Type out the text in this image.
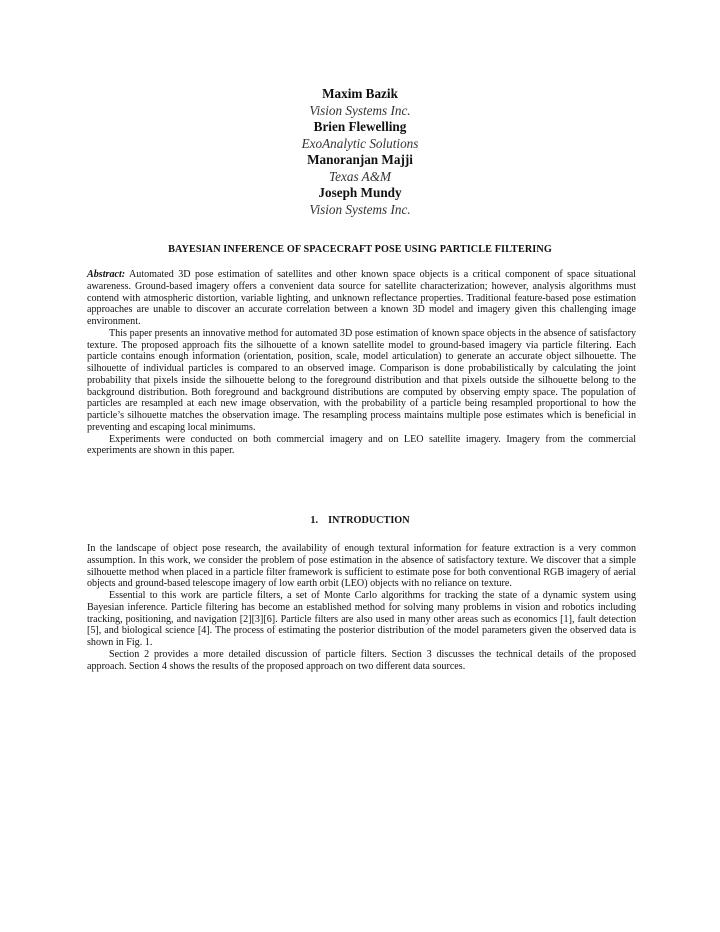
Maxim Bazik

Vision Systems Inc.

Brien Flewelling

ExoAnalytic Solutions

Manoranjan Majji

Texas A&M

Joseph Mundy

Vision Systems Inc.

BAYESIAN INFERENCE OF SPACECRAFT POSE USING PARTICLE FILTERING

Abstract: Automated 3D pose estimation of satellites and other known space objects is a critical component of space situational awareness. Ground-based imagery offers a convenient data source for satellite characterization; however, analysis algorithms must contend with atmospheric distortion, variable lighting, and unknown reflectance properties. Traditional feature-based pose estimation approaches are unable to discover an accurate correlation between a known 3D model and imagery given this challenging image environment.

This paper presents an innovative method for automated 3D pose estimation of known space objects in the absence of satisfactory texture. The proposed approach fits the silhouette of a known satellite model to ground-based imagery via particle filtering. Each particle contains enough information (orientation, position, scale, model articulation) to generate an accurate object silhouette. The silhouette of individual particles is compared to an observed image. Comparison is done probabilistically by calculating the joint probability that pixels inside the silhouette belong to the foreground distribution and that pixels outside the silhouette belong to the background distribution. Both foreground and background distributions are computed by observing empty space. The population of particles are resampled at each new image observation, with the probability of a particle being resampled proportional to how the particle’s silhouette matches the observation image. The resampling process maintains multiple pose estimates which is beneficial in preventing and escaping local minimums.

Experiments were conducted on both commercial imagery and on LEO satellite imagery. Imagery from the commercial experiments are shown in this paper.

1. INTRODUCTION

In the landscape of object pose research, the availability of enough textural information for feature extraction is a very common assumption. In this work, we consider the problem of pose estimation in the absence of satisfactory texture. We discover that a simple silhouette method when placed in a particle filter framework is sufficient to estimate pose for both conventional RGB imagery of aerial objects and ground-based telescope imagery of low earth orbit (LEO) objects with no reliance on texture.

Essential to this work are particle filters, a set of Monte Carlo algorithms for tracking the state of a dynamic system using Bayesian inference. Particle filtering has become an established method for solving many problems in vision and robotics including tracking, positioning, and navigation [2][3][6]. Particle filters are also used in many other areas such as economics [1], fault detection [5], and biological science [4]. The process of estimating the posterior distribution of the model parameters given the observed data is shown in Fig. 1.

Section 2 provides a more detailed discussion of particle filters. Section 3 discusses the technical details of the proposed approach. Section 4 shows the results of the proposed approach on two different data sources.
